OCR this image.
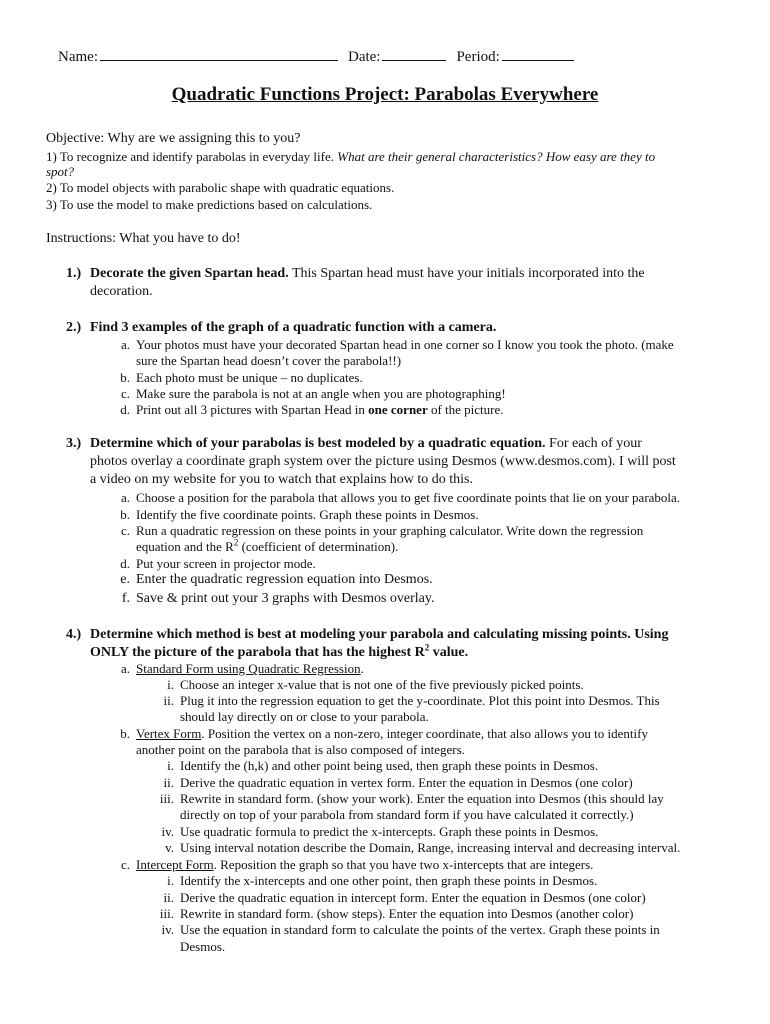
Name:	Date:	Period:
Quadratic Functions Project: Parabolas Everywhere
Objective: Why are we assigning this to you?
1) To recognize and identify parabolas in everyday life. What are their general characteristics? How easy are they to
spot?
2) To model objects with parabolic shape with quadratic equations.
3) To use the model to make predictions based on calculations.
Instructions: What you have to do!
1.) Decorate the given Spartan head. This Spartan head must have your initials incorporated into the
decoration.
2.) Find 3 examples of the graph of a quadratic function with a camera.
a. Your photos must have your decorated Spartan head in one corner so I know you took the photo. (make
sure the Spartan head doesn’t cover the parabola!!)
b. Each photo must be unique – no duplicates.
c. Make sure the parabola is not at an angle when you are photographing!
d. Print out all 3 pictures with Spartan Head in one corner of the picture.
3.) Determine which of your parabolas is best modeled by a quadratic equation. For each of your
photos overlay a coordinate graph system over the picture using Desmos (www.desmos.com). I will post
a video on my website for you to watch that explains how to do this.
a. Choose a position for the parabola that allows you to get five coordinate points that lie on your parabola.
b. Identify the five coordinate points. Graph these points in Desmos.
c. Run a quadratic regression on these points in your graphing calculator. Write down the regression
equation and the $R^2$ (coefficient of determination).
d. Put your screen in projector mode.
e. Enter the quadratic regression equation into Desmos.
f. Save & print out your 3 graphs with Desmos overlay.
4.) Determine which method is best at modeling your parabola and calculating missing points. Using
ONLY the picture of the parabola that has the highest $R^2$ value.
a. Standard Form using Quadratic Regression.
i. Choose an integer x-value that is not one of the five previously picked points.
ii. Plug it into the regression equation to get the y-coordinate. Plot this point into Desmos. This
should lay directly on or close to your parabola.
b. Vertex Form. Position the vertex on a non-zero, integer coordinate, that also allows you to identify
another point on the parabola that is also composed of integers.
i. Identify the (h,k) and other point being used, then graph these points in Desmos.
ii. Derive the quadratic equation in vertex form. Enter the equation in Desmos (one color)
iii. Rewrite in standard form. (show your work). Enter the equation into Desmos (this should lay
directly on top of your parabola from standard form if you have calculated it correctly.)
iv. Use quadratic formula to predict the x-intercepts. Graph these points in Desmos.
v. Using interval notation describe the Domain, Range, increasing interval and decreasing interval.
c. Intercept Form. Reposition the graph so that you have two x-intercepts that are integers.
i. Identify the x-intercepts and one other point, then graph these points in Desmos.
ii. Derive the quadratic equation in intercept form. Enter the equation in Desmos (one color)
iii. Rewrite in standard form. (show steps). Enter the equation into Desmos (another color)
iv. Use the equation in standard form to calculate the points of the vertex. Graph these points in
Desmos.
